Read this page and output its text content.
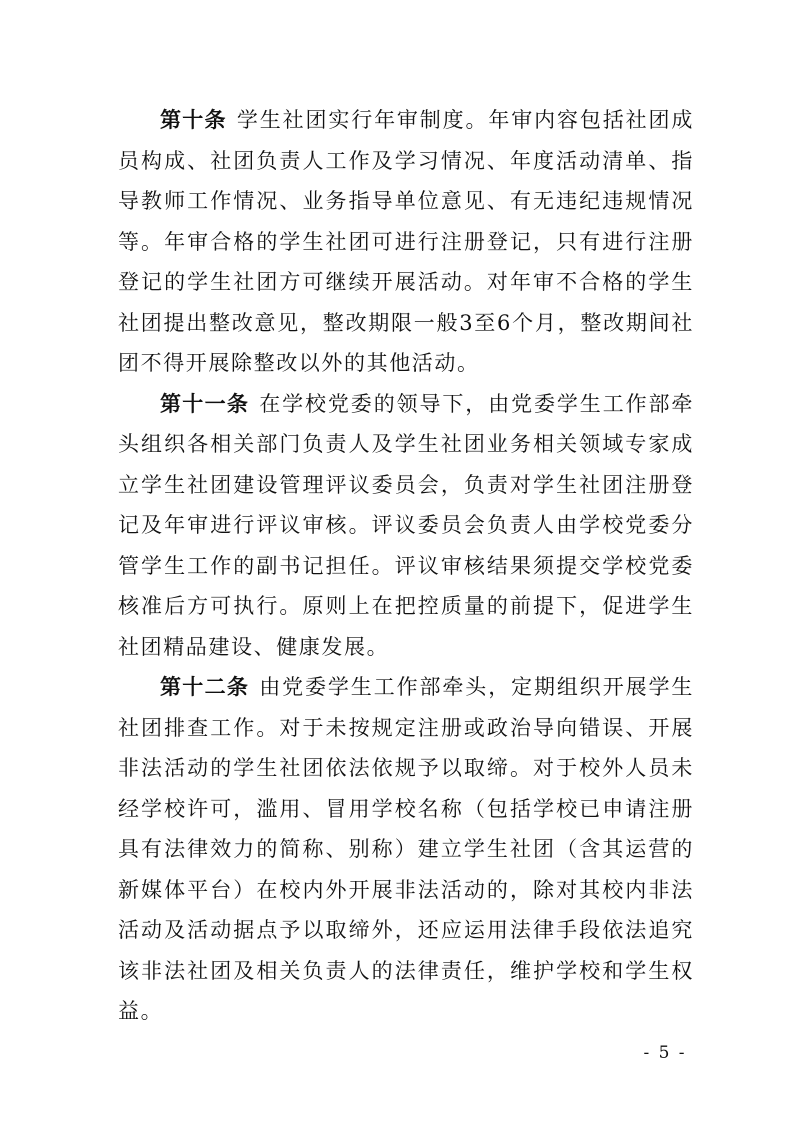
第十条 学生社团实行年审制度。年审内容包括社团成员构成、社团负责人工作及学习情况、年度活动清单、指导教师工作情况、业务指导单位意见、有无违纪违规情况等。年审合格的学生社团可进行注册登记，只有进行注册登记的学生社团方可继续开展活动。对年审不合格的学生社团提出整改意见，整改期限一般3至6个月，整改期间社团不得开展除整改以外的其他活动。

第十一条 在学校党委的领导下，由党委学生工作部牵头组织各相关部门负责人及学生社团业务相关领域专家成立学生社团建设管理评议委员会，负责对学生社团注册登记及年审进行评议审核。评议委员会负责人由学校党委分管学生工作的副书记担任。评议审核结果须提交学校党委核准后方可执行。原则上在把控质量的前提下，促进学生社团精品建设、健康发展。

第十二条 由党委学生工作部牵头，定期组织开展学生社团排查工作。对于未按规定注册或政治导向错误、开展非法活动的学生社团依法依规予以取缔。对于校外人员未经学校许可，滥用、冒用学校名称（包括学校已申请注册具有法律效力的简称、别称）建立学生社团（含其运营的新媒体平台）在校内外开展非法活动的，除对其校内非法活动及活动据点予以取缔外，还应运用法律手段依法追究该非法社团及相关负责人的法律责任，维护学校和学生权益。

- 5 -
